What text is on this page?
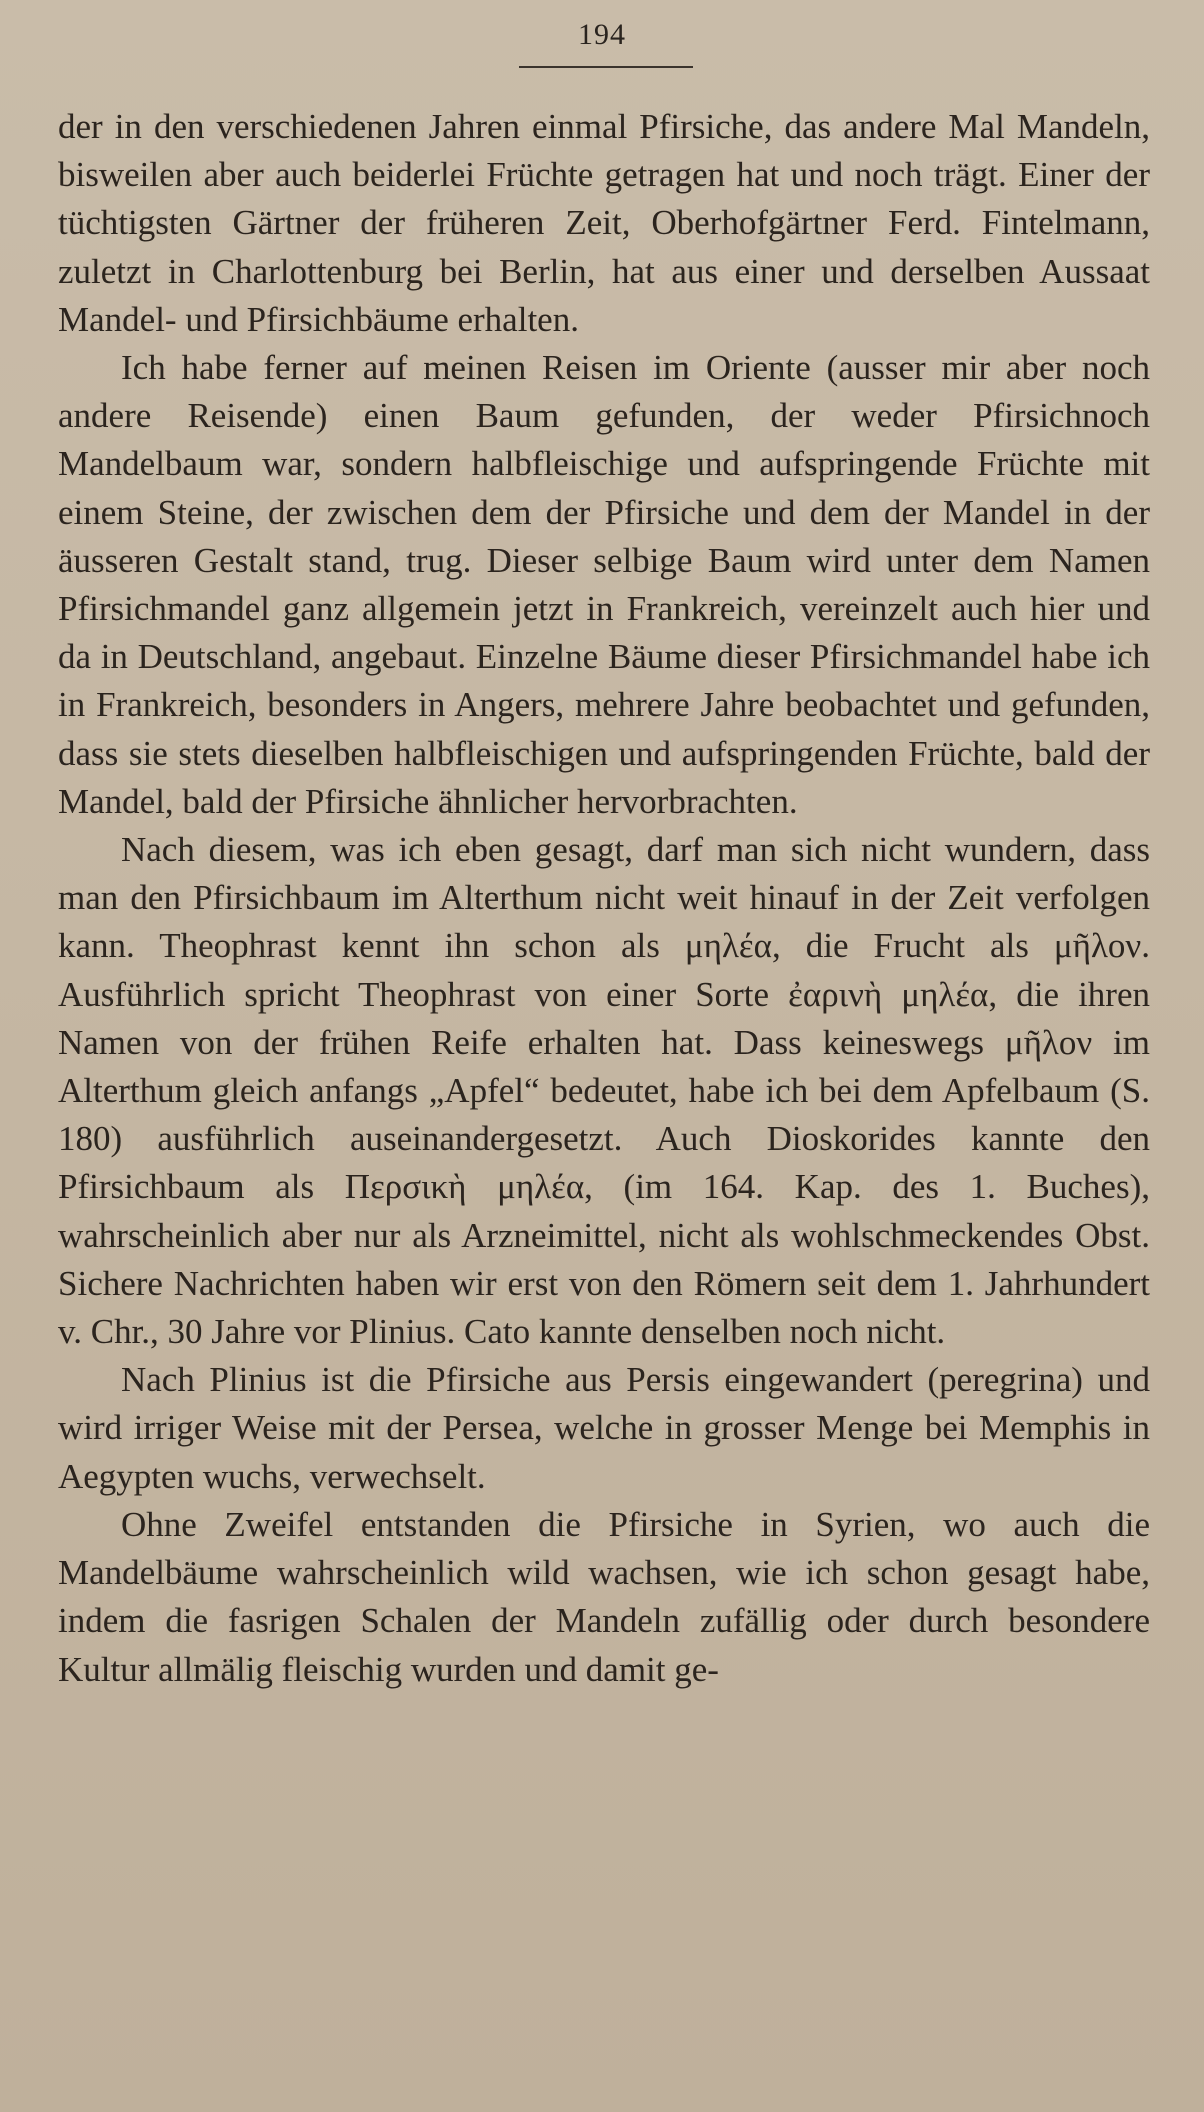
194

der in den verschiedenen Jahren einmal Pfirsiche, das andere Mal Mandeln, bisweilen aber auch beiderlei Früchte getragen hat und noch trägt. Einer der tüchtigsten Gärtner der früheren Zeit, Oberhofgärtner Ferd. Fintelmann, zuletzt in Charlottenburg bei Berlin, hat aus einer und derselben Aussaat Mandel- und Pfirsichbäume erhalten.

Ich habe ferner auf meinen Reisen im Oriente (ausser mir aber noch andere Reisende) einen Baum gefunden, der weder Pfirsichnoch Mandelbaum war, sondern halbfleischige und aufspringende Früchte mit einem Steine, der zwischen dem der Pfirsiche und dem der Mandel in der äusseren Gestalt stand, trug. Dieser selbige Baum wird unter dem Namen Pfirsichmandel ganz allgemein jetzt in Frankreich, vereinzelt auch hier und da in Deutschland, angebaut. Einzelne Bäume dieser Pfirsichmandel habe ich in Frankreich, besonders in Angers, mehrere Jahre beobachtet und gefunden, dass sie stets dieselben halbfleischigen und aufspringenden Früchte, bald der Mandel, bald der Pfirsiche ähnlicher hervorbrachten.

Nach diesem, was ich eben gesagt, darf man sich nicht wundern, dass man den Pfirsichbaum im Alterthum nicht weit hinauf in der Zeit verfolgen kann. Theophrast kennt ihn schon als μηλέα, die Frucht als μῆλον. Ausführlich spricht Theophrast von einer Sorte ἐαρινὴ μηλέα, die ihren Namen von der frühen Reife erhalten hat. Dass keineswegs μῆλον im Alterthum gleich anfangs „Apfel“ bedeutet, habe ich bei dem Apfelbaum (S. 180) ausführlich auseinandergesetzt. Auch Dioskorides kannte den Pfirsichbaum als Περσικὴ μηλέα, (im 164. Kap. des 1. Buches), wahrscheinlich aber nur als Arzneimittel, nicht als wohlschmeckendes Obst. Sichere Nachrichten haben wir erst von den Römern seit dem 1. Jahrhundert v. Chr., 30 Jahre vor Plinius. Cato kannte denselben noch nicht.

Nach Plinius ist die Pfirsiche aus Persis eingewandert (peregrina) und wird irriger Weise mit der Persea, welche in grosser Menge bei Memphis in Aegypten wuchs, verwechselt.

Ohne Zweifel entstanden die Pfirsiche in Syrien, wo auch die Mandelbäume wahrscheinlich wild wachsen, wie ich schon gesagt habe, indem die fasrigen Schalen der Mandeln zufällig oder durch besondere Kultur allmälig fleischig wurden und damit ge-
